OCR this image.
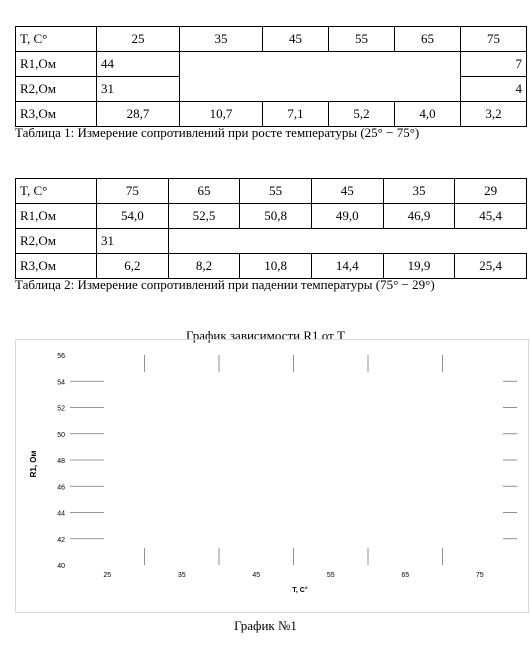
T, C°	25	35	45	55	65	75
R1,Ом	44					7
R2,Ом	31					4
R3,Ом	28,7	10,7	7,1	5,2	4,0	3,2
Таблица 1: Измерение сопротивлений при росте температуры (25° − 75°)
T, C°	75	65	55	45	35	29
R1,Ом	54,0	52,5	50,8	49,0	46,9	45,4
R2,Ом	31					
R3,Ом	6,2	8,2	10,8	14,4	19,9	25,4
Таблица 2: Измерение сопротивлений при падении температуры (75° − 29°)
График зависимости R1 от T
40
42
44
46
48
50
52
54
56
25	35	45	55	65	75
T, C°
R1, Ом
График №1
